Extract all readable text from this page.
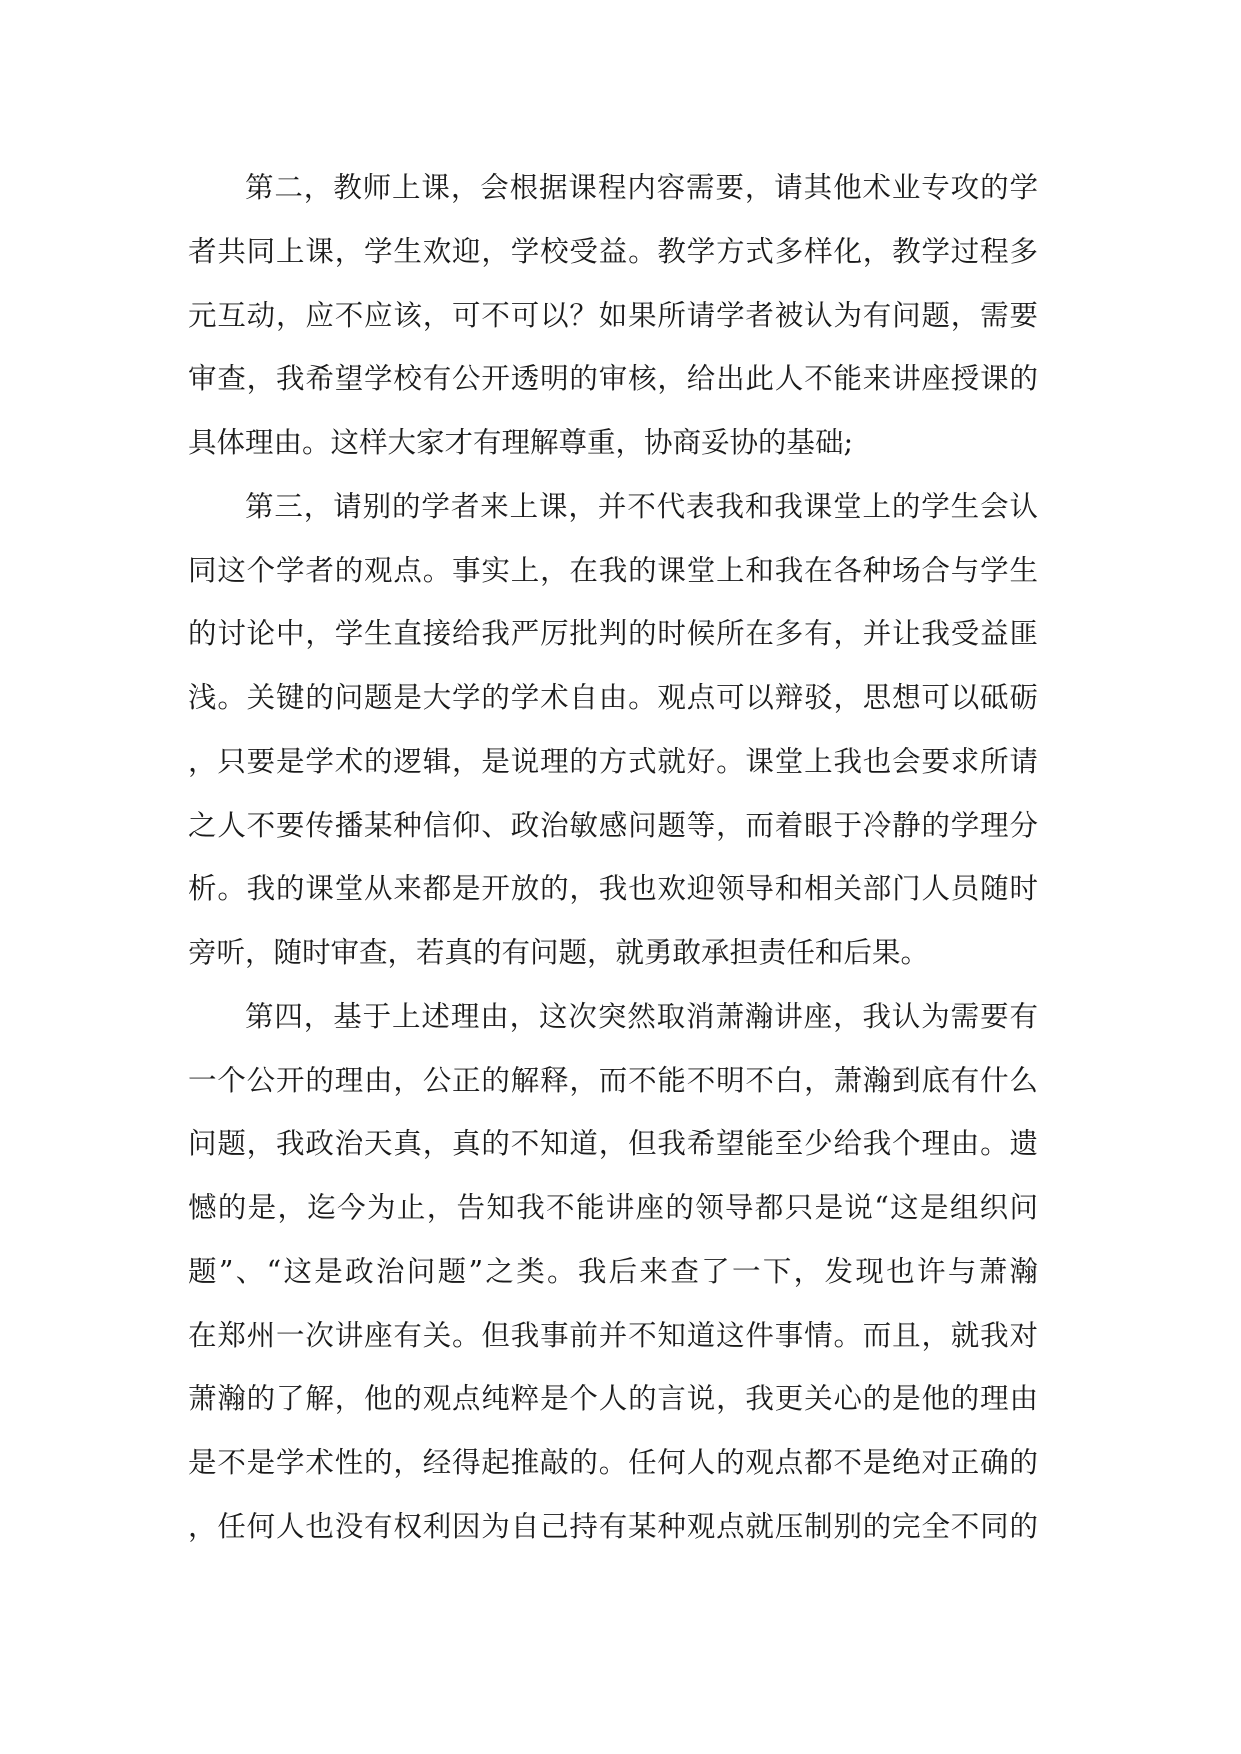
第二，教师上课，会根据课程内容需要，请其他术业专攻的学
者共同上课，学生欢迎，学校受益。教学方式多样化，教学过程多
元互动，应不应该，可不可以？如果所请学者被认为有问题，需要
审查，我希望学校有公开透明的审核，给出此人不能来讲座授课的
具体理由。这样大家才有理解尊重，协商妥协的基础;
第三，请别的学者来上课，并不代表我和我课堂上的学生会认
同这个学者的观点。事实上，在我的课堂上和我在各种场合与学生
的讨论中，学生直接给我严厉批判的时候所在多有，并让我受益匪
浅。关键的问题是大学的学术自由。观点可以辩驳，思想可以砥砺
，只要是学术的逻辑，是说理的方式就好。课堂上我也会要求所请
之人不要传播某种信仰、政治敏感问题等，而着眼于冷静的学理分
析。我的课堂从来都是开放的，我也欢迎领导和相关部门人员随时
旁听，随时审查，若真的有问题，就勇敢承担责任和后果。
第四，基于上述理由，这次突然取消萧瀚讲座，我认为需要有
一个公开的理由，公正的解释，而不能不明不白，萧瀚到底有什么
问题，我政治天真，真的不知道，但我希望能至少给我个理由。遗
憾的是，迄今为止，告知我不能讲座的领导都只是说“这是组织问
题”、“这是政治问题”之类。我后来查了一下，发现也许与萧瀚
在郑州一次讲座有关。但我事前并不知道这件事情。而且，就我对
萧瀚的了解，他的观点纯粹是个人的言说，我更关心的是他的理由
是不是学术性的，经得起推敲的。任何人的观点都不是绝对正确的
，任何人也没有权利因为自己持有某种观点就压制别的完全不同的
